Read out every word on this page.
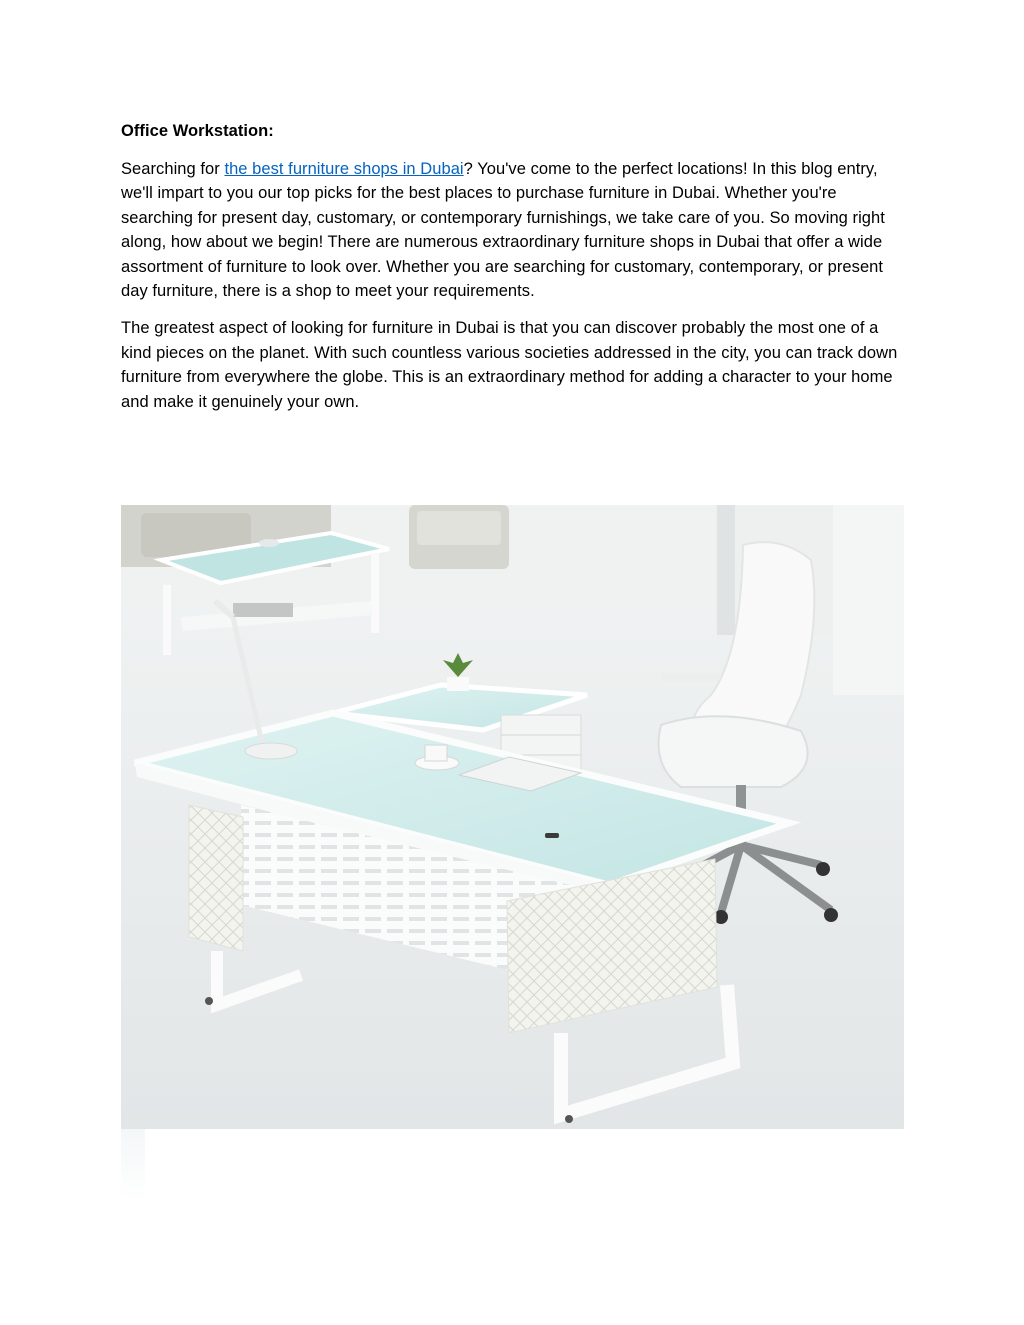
Office Workstation:

Searching for the best furniture shops in Dubai? You've come to the perfect locations! In this blog entry, we'll impart to you our top picks for the best places to purchase furniture in Dubai. Whether you're searching for present day, customary, or contemporary furnishings, we take care of you. So moving right along, how about we begin! There are numerous extraordinary furniture shops in Dubai that offer a wide assortment of furniture to look over. Whether you are searching for customary, contemporary, or present day furniture, there is a shop to meet your requirements.

The greatest aspect of looking for furniture in Dubai is that you can discover probably the most one of a kind pieces on the planet. With such countless various societies addressed in the city, you can track down furniture from everywhere the globe. This is an extraordinary method for adding a character to your home and make it genuinely your own.
